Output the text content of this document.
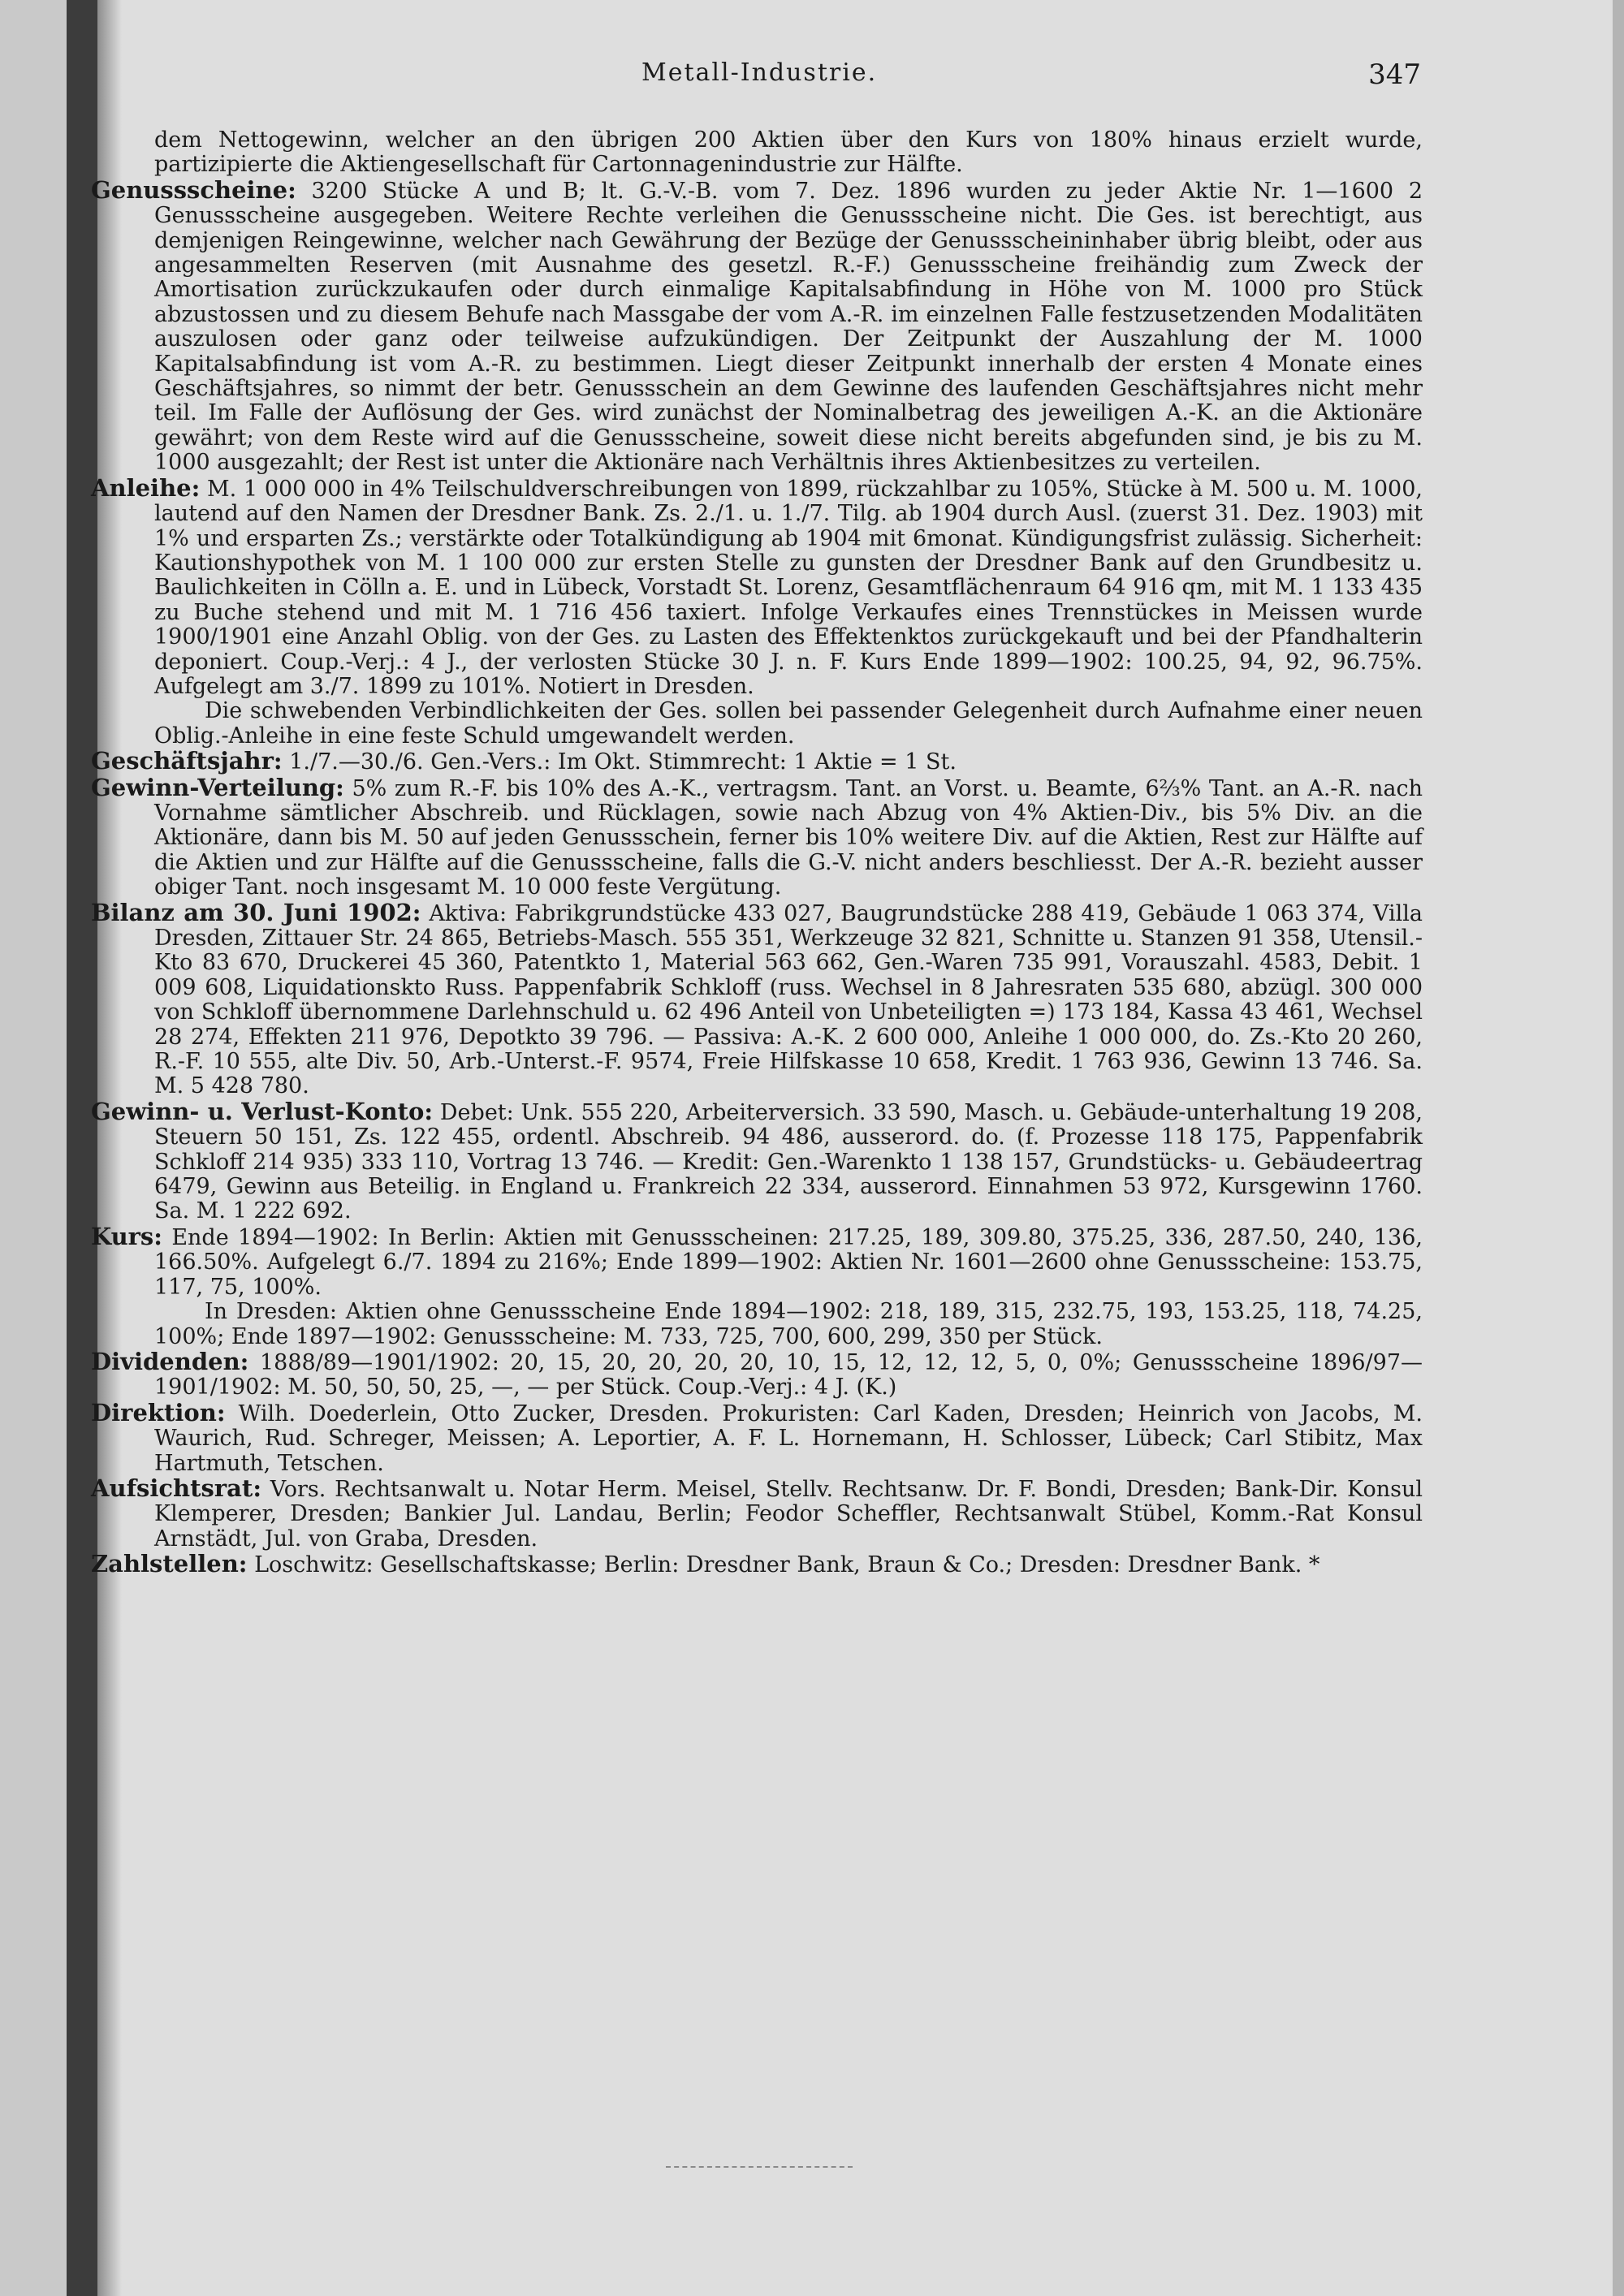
Metall-Industrie.	347

dem Nettogewinn, welcher an den übrigen 200 Aktien über den Kurs von 180% hinaus erzielt wurde, partizipierte die Aktiengesellschaft für Cartonnagenindustrie zur Hälfte.

Genussscheine: 3200 Stücke A und B; lt. G.-V.-B. vom 7. Dez. 1896 wurden zu jeder Aktie Nr. 1—1600 2 Genussscheine ausgegeben. Weitere Rechte verleihen die Genussscheine nicht. Die Ges. ist berechtigt, aus demjenigen Reingewinne, welcher nach Gewährung der Bezüge der Genussscheininhaber übrig bleibt, oder aus angesammelten Reserven (mit Ausnahme des gesetzl. R.-F.) Genussscheine freihändig zum Zweck der Amortisation zurückzukaufen oder durch einmalige Kapitalsabfindung in Höhe von M. 1000 pro Stück abzustossen und zu diesem Behufe nach Massgabe der vom A.-R. im einzelnen Falle festzusetzenden Modalitäten auszulosen oder ganz oder teilweise aufzukündigen. Der Zeitpunkt der Auszahlung der M. 1000 Kapitalsabfindung ist vom A.-R. zu bestimmen. Liegt dieser Zeitpunkt innerhalb der ersten 4 Monate eines Geschäftsjahres, so nimmt der betr. Genussschein an dem Gewinne des laufenden Geschäftsjahres nicht mehr teil. Im Falle der Auflösung der Ges. wird zunächst der Nominalbetrag des jeweiligen A.-K. an die Aktionäre gewährt; von dem Reste wird auf die Genussscheine, soweit diese nicht bereits abgefunden sind, je bis zu M. 1000 ausgezahlt; der Rest ist unter die Aktionäre nach Verhältnis ihres Aktienbesitzes zu verteilen.

Anleihe: M. 1 000 000 in 4% Teilschuldverschreibungen von 1899, rückzahlbar zu 105%, Stücke à M. 500 u. M. 1000, lautend auf den Namen der Dresdner Bank. Zs. 2./1. u. 1./7. Tilg. ab 1904 durch Ausl. (zuerst 31. Dez. 1903) mit 1% und ersparten Zs.; verstärkte oder Totalkündigung ab 1904 mit 6monat. Kündigungsfrist zulässig. Sicherheit: Kautionshypothek von M. 1 100 000 zur ersten Stelle zu gunsten der Dresdner Bank auf den Grundbesitz u. Baulichkeiten in Cölln a. E. und in Lübeck, Vorstadt St. Lorenz, Gesamtflächenraum 64 916 qm, mit M. 1 133 435 zu Buche stehend und mit M. 1 716 456 taxiert. Infolge Verkaufes eines Trennstückes in Meissen wurde 1900/1901 eine Anzahl Oblig. von der Ges. zu Lasten des Effektenktos zurückgekauft und bei der Pfandhalterin deponiert. Coup.-Verj.: 4 J., der verlosten Stücke 30 J. n. F. Kurs Ende 1899—1902: 100.25, 94, 92, 96.75%. Aufgelegt am 3./7. 1899 zu 101%. Notiert in Dresden.

Die schwebenden Verbindlichkeiten der Ges. sollen bei passender Gelegenheit durch Aufnahme einer neuen Oblig.-Anleihe in eine feste Schuld umgewandelt werden.

Geschäftsjahr: 1./7.—30./6. Gen.-Vers.: Im Okt. Stimmrecht: 1 Aktie = 1 St.

Gewinn-Verteilung: 5% zum R.-F. bis 10% des A.-K., vertragsm. Tant. an Vorst. u. Beamte, 6⅔% Tant. an A.-R. nach Vornahme sämtlicher Abschreib. und Rücklagen, sowie nach Abzug von 4% Aktien-Div., bis 5% Div. an die Aktionäre, dann bis M. 50 auf jeden Genussschein, ferner bis 10% weitere Div. auf die Aktien, Rest zur Hälfte auf die Aktien und zur Hälfte auf die Genussscheine, falls die G.-V. nicht anders beschliesst. Der A.-R. bezieht ausser obiger Tant. noch insgesamt M. 10 000 feste Vergütung.

Bilanz am 30. Juni 1902: Aktiva: Fabrikgrundstücke 433 027, Baugrundstücke 288 419, Gebäude 1 063 374, Villa Dresden, Zittauer Str. 24 865, Betriebs-Masch. 555 351, Werkzeuge 32 821, Schnitte u. Stanzen 91 358, Utensil.-Kto 83 670, Druckerei 45 360, Patentkto 1, Material 563 662, Gen.-Waren 735 991, Vorauszahl. 4583, Debit. 1 009 608, Liquidationskto Russ. Pappenfabrik Schkloff (russ. Wechsel in 8 Jahresraten 535 680, abzügl. 300 000 von Schkloff übernommene Darlehnschuld u. 62 496 Anteil von Unbeteiligten =) 173 184, Kassa 43 461, Wechsel 28 274, Effekten 211 976, Depotkto 39 796. — Passiva: A.-K. 2 600 000, Anleihe 1 000 000, do. Zs.-Kto 20 260, R.-F. 10 555, alte Div. 50, Arb.-Unterst.-F. 9574, Freie Hilfskasse 10 658, Kredit. 1 763 936, Gewinn 13 746. Sa. M. 5 428 780.

Gewinn- u. Verlust-Konto: Debet: Unk. 555 220, Arbeiterversich. 33 590, Masch. u. Gebäude-unterhaltung 19 208, Steuern 50 151, Zs. 122 455, ordentl. Abschreib. 94 486, ausserord. do. (f. Prozesse 118 175, Pappenfabrik Schkloff 214 935) 333 110, Vortrag 13 746. — Kredit: Gen.-Warenkto 1 138 157, Grundstücks- u. Gebäudeertrag 6479, Gewinn aus Beteilig. in England u. Frankreich 22 334, ausserord. Einnahmen 53 972, Kursgewinn 1760. Sa. M. 1 222 692.

Kurs: Ende 1894—1902: In Berlin: Aktien mit Genussscheinen: 217.25, 189, 309.80, 375.25, 336, 287.50, 240, 136, 166.50%. Aufgelegt 6./7. 1894 zu 216%; Ende 1899—1902: Aktien Nr. 1601—2600 ohne Genussscheine: 153.75, 117, 75, 100%.

In Dresden: Aktien ohne Genussscheine Ende 1894—1902: 218, 189, 315, 232.75, 193, 153.25, 118, 74.25, 100%; Ende 1897—1902: Genussscheine: M. 733, 725, 700, 600, 299, 350 per Stück.

Dividenden: 1888/89—1901/1902: 20, 15, 20, 20, 20, 20, 10, 15, 12, 12, 12, 5, 0, 0%; Genussscheine 1896/97—1901/1902: M. 50, 50, 50, 25, —, — per Stück. Coup.-Verj.: 4 J. (K.)

Direktion: Wilh. Doederlein, Otto Zucker, Dresden. Prokuristen: Carl Kaden, Dresden; Heinrich von Jacobs, M. Waurich, Rud. Schreger, Meissen; A. Leportier, A. F. L. Hornemann, H. Schlosser, Lübeck; Carl Stibitz, Max Hartmuth, Tetschen.

Aufsichtsrat: Vors. Rechtsanwalt u. Notar Herm. Meisel, Stellv. Rechtsanw. Dr. F. Bondi, Dresden; Bank-Dir. Konsul Klemperer, Dresden; Bankier Jul. Landau, Berlin; Feodor Scheffler, Rechtsanwalt Stübel, Komm.-Rat Konsul Arnstädt, Jul. von Graba, Dresden.

Zahlstellen: Loschwitz: Gesellschaftskasse; Berlin: Dresdner Bank, Braun & Co.; Dresden: Dresdner Bank. *
